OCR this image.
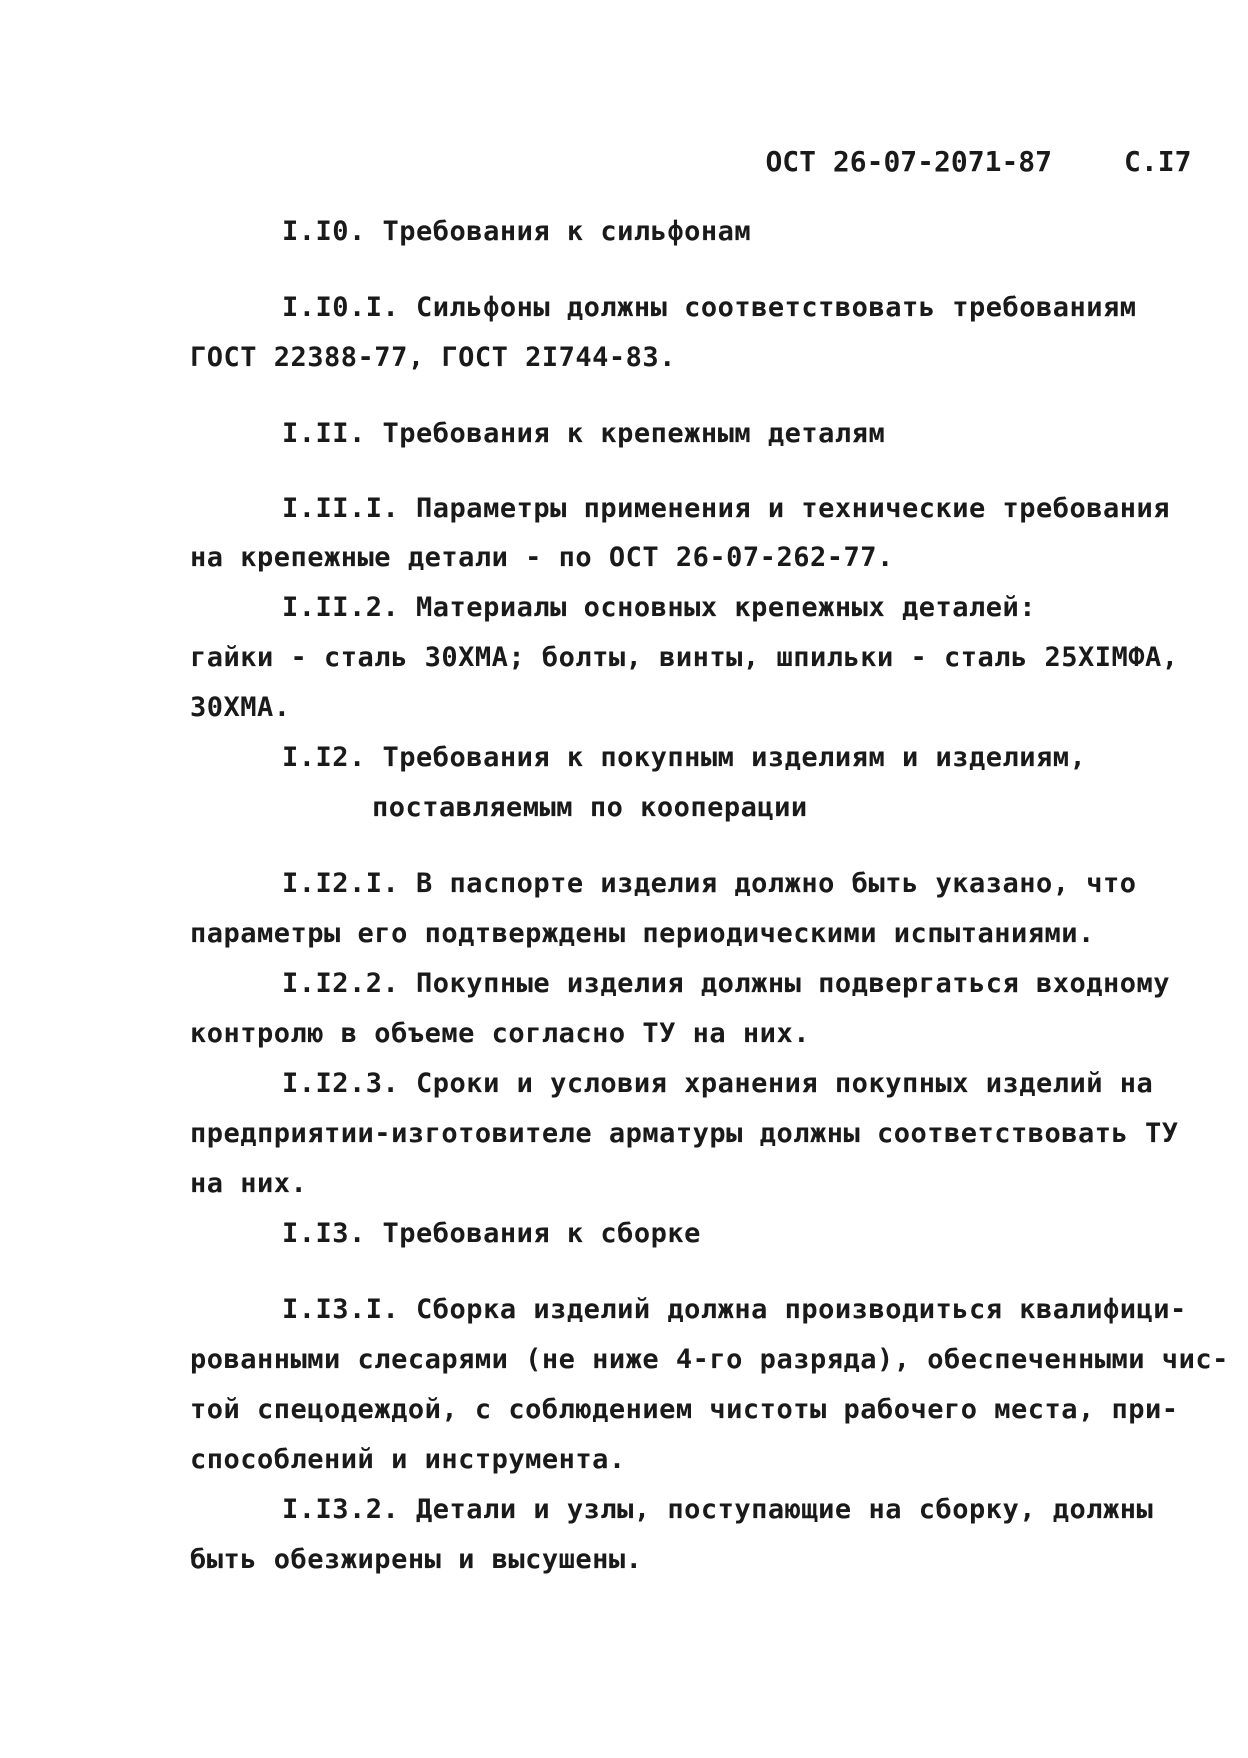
ОСТ 26-07-2071-87	С.I7

I.I0. Требования к сильфонам
I.I0.I. Сильфоны должны соответствовать требованиям
ГОСТ 22388-77, ГОСТ 2I744-83.
I.II. Требования к крепежным деталям
I.II.I. Параметры применения и технические требования
на крепежные детали - по ОСТ 26-07-262-77.
I.II.2. Материалы основных крепежных деталей:
гайки - сталь 30ХМА; болты, винты, шпильки - сталь 25ХIМФА,
30ХМА.
I.I2. Требования к покупным изделиям и изделиям,
поставляемым по кооперации
I.I2.I. В паспорте изделия должно быть указано, что
параметры его подтверждены периодическими испытаниями.
I.I2.2. Покупные изделия должны подвергаться входному
контролю в объеме согласно ТУ на них.
I.I2.3. Сроки и условия хранения покупных изделий на
предприятии-изготовителе арматуры должны соответствовать ТУ
на них.
I.I3. Требования к сборке
I.I3.I. Сборка изделий должна производиться квалифици-
рованными слесарями (не ниже 4-го разряда), обеспеченными чис-
той спецодеждой, с соблюдением чистоты рабочего места, при-
способлений и инструмента.
I.I3.2. Детали и узлы, поступающие на сборку, должны
быть обезжирены и высушены.
